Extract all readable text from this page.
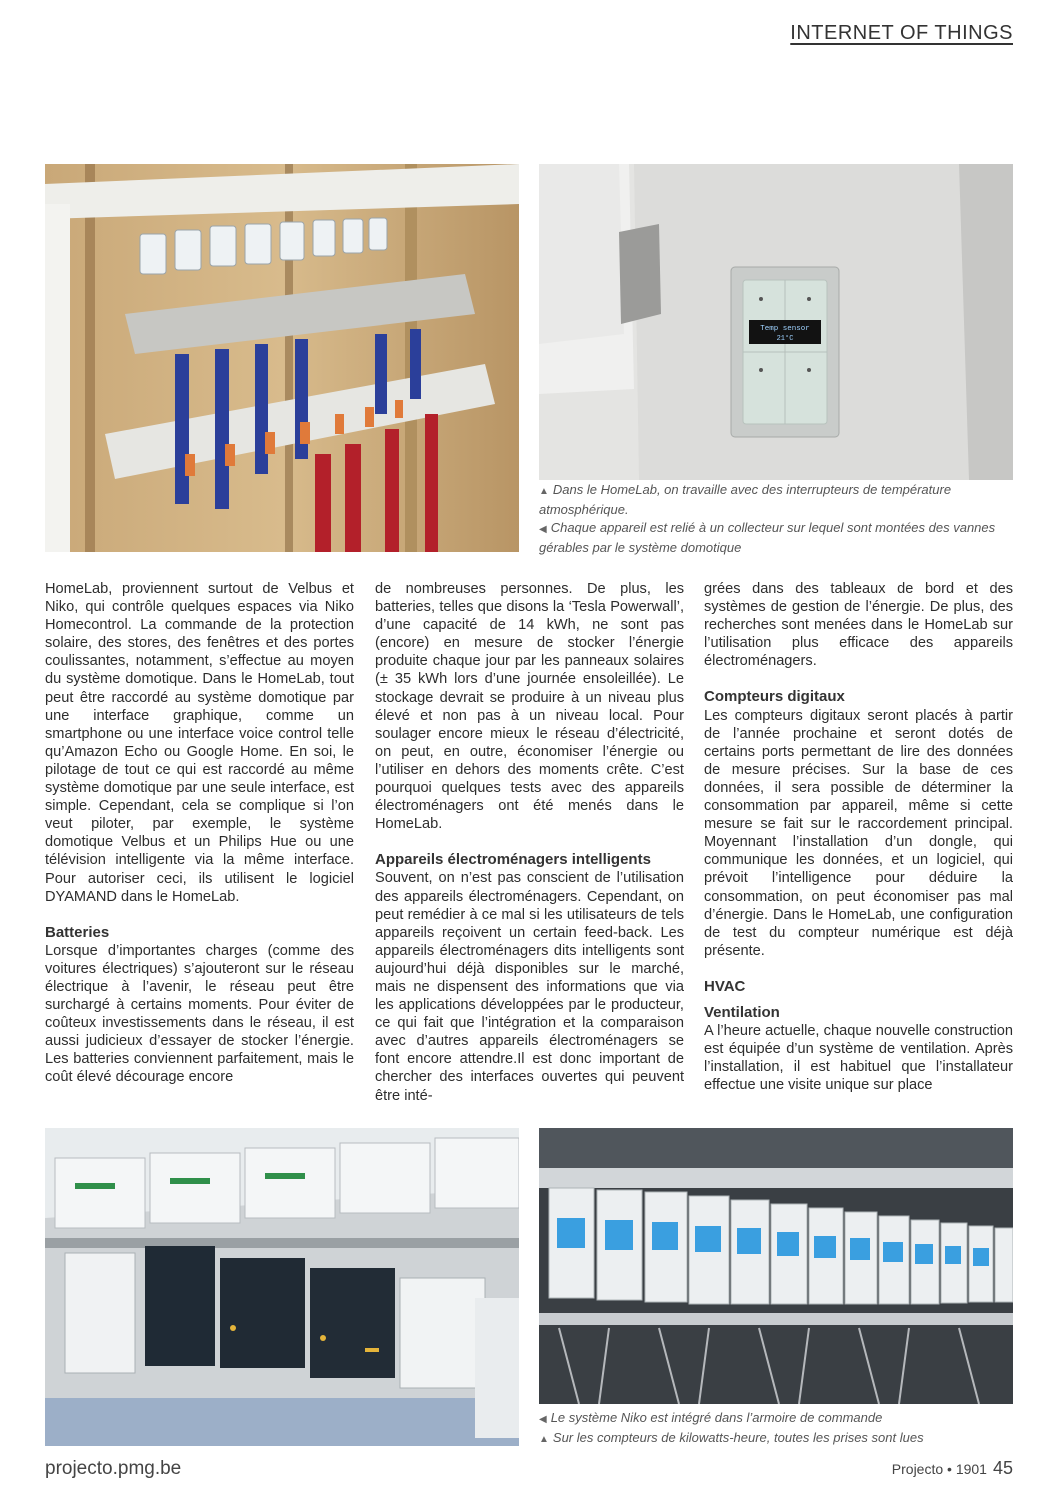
INTERNET OF THINGS
Temp sensor
21°C

▲ Dans le HomeLab, on travaille avec des interrupteurs de température atmosphérique.

◀ Chaque appareil est relié à un collecteur sur lequel sont montées des vannes gérables par le système domotique

HomeLab, proviennent surtout de Velbus et Niko, qui contrôle quelques espaces via Niko Homecontrol. La commande de la protection solaire, des stores, des fenêtres et des portes coulissantes, notamment, s’effectue au moyen du système domotique. Dans le HomeLab, tout peut être raccordé au système domotique par une interface graphique, comme un smartphone ou une interface voice control telle qu’Amazon Echo ou Google Home. En soi, le pilotage de tout ce qui est raccordé au même système domotique par une seule interface, est simple. Cependant, cela se complique si l’on veut piloter, par exemple, le système domotique Velbus et un Philips Hue ou une télévision intelligente via la même interface. Pour autoriser ceci, ils utilisent le logiciel DYAMAND dans le HomeLab.

Batteries

Lorsque d’importantes charges (comme des voitures électriques) s’ajouteront sur le réseau électrique à l’avenir, le réseau peut être surchargé à certains moments. Pour éviter de coûteux investissements dans le réseau, il est aussi judicieux d’essayer de stocker l’énergie. Les batteries conviennent parfaitement, mais le coût élevé décourage encore

de nombreuses personnes. De plus, les batteries, telles que disons la ‘Tesla Powerwall’, d’une capacité de 14 kWh, ne sont pas (encore) en mesure de stocker l’énergie produite chaque jour par les panneaux solaires (± 35 kWh lors d’une journée ensoleillée). Le stockage devrait se produire à un niveau plus élevé et non pas à un niveau local. Pour soulager encore mieux le réseau d’électricité, on peut, en outre, économiser l’énergie ou l’utiliser en dehors des moments crête. C’est pourquoi quelques tests avec des appareils électroménagers ont été menés dans le HomeLab.

Appareils électroménagers intelligents

Souvent, on n’est pas conscient de l’utilisation des appareils électroménagers. Cependant, on peut remédier à ce mal si les utilisateurs de tels appareils reçoivent un certain feed-back. Les appareils électroménagers dits intelligents sont aujourd’hui déjà disponibles sur le marché, mais ne dispensent des informations que via les applications développées par le producteur, ce qui fait que l’intégration et la comparaison avec d’autres appareils électroménagers se font encore attendre.Il est donc important de chercher des interfaces ouvertes qui peuvent être inté-

grées dans des tableaux de bord et des systèmes de gestion de l’énergie. De plus, des recherches sont menées dans le HomeLab sur l’utilisation plus efficace des appareils électroménagers.

Compteurs digitaux

Les compteurs digitaux seront placés à partir de l’année prochaine et seront dotés de certains ports permettant de lire des données de mesure précises. Sur la base de ces données, il sera possible de déterminer la consommation par appareil, même si cette mesure se fait sur le raccordement principal. Moyennant l’installation d’un dongle, qui communique les données, et un logiciel, qui prévoit l’intelligence pour déduire la consommation, on peut économiser pas mal d’énergie. Dans le HomeLab, une configuration de test du compteur numérique est déjà présente.

HVAC
Ventilation

A l’heure actuelle, chaque nouvelle construction est équipée d’un système de ventilation. Après l’installation, il est habituel que l’installateur effectue une visite unique sur place

◀ Le système Niko est intégré dans l’armoire de commande

▲ Sur les compteurs de kilowatts-heure, toutes les prises sont lues

projecto.pmg.be	Projecto • 1901 45
